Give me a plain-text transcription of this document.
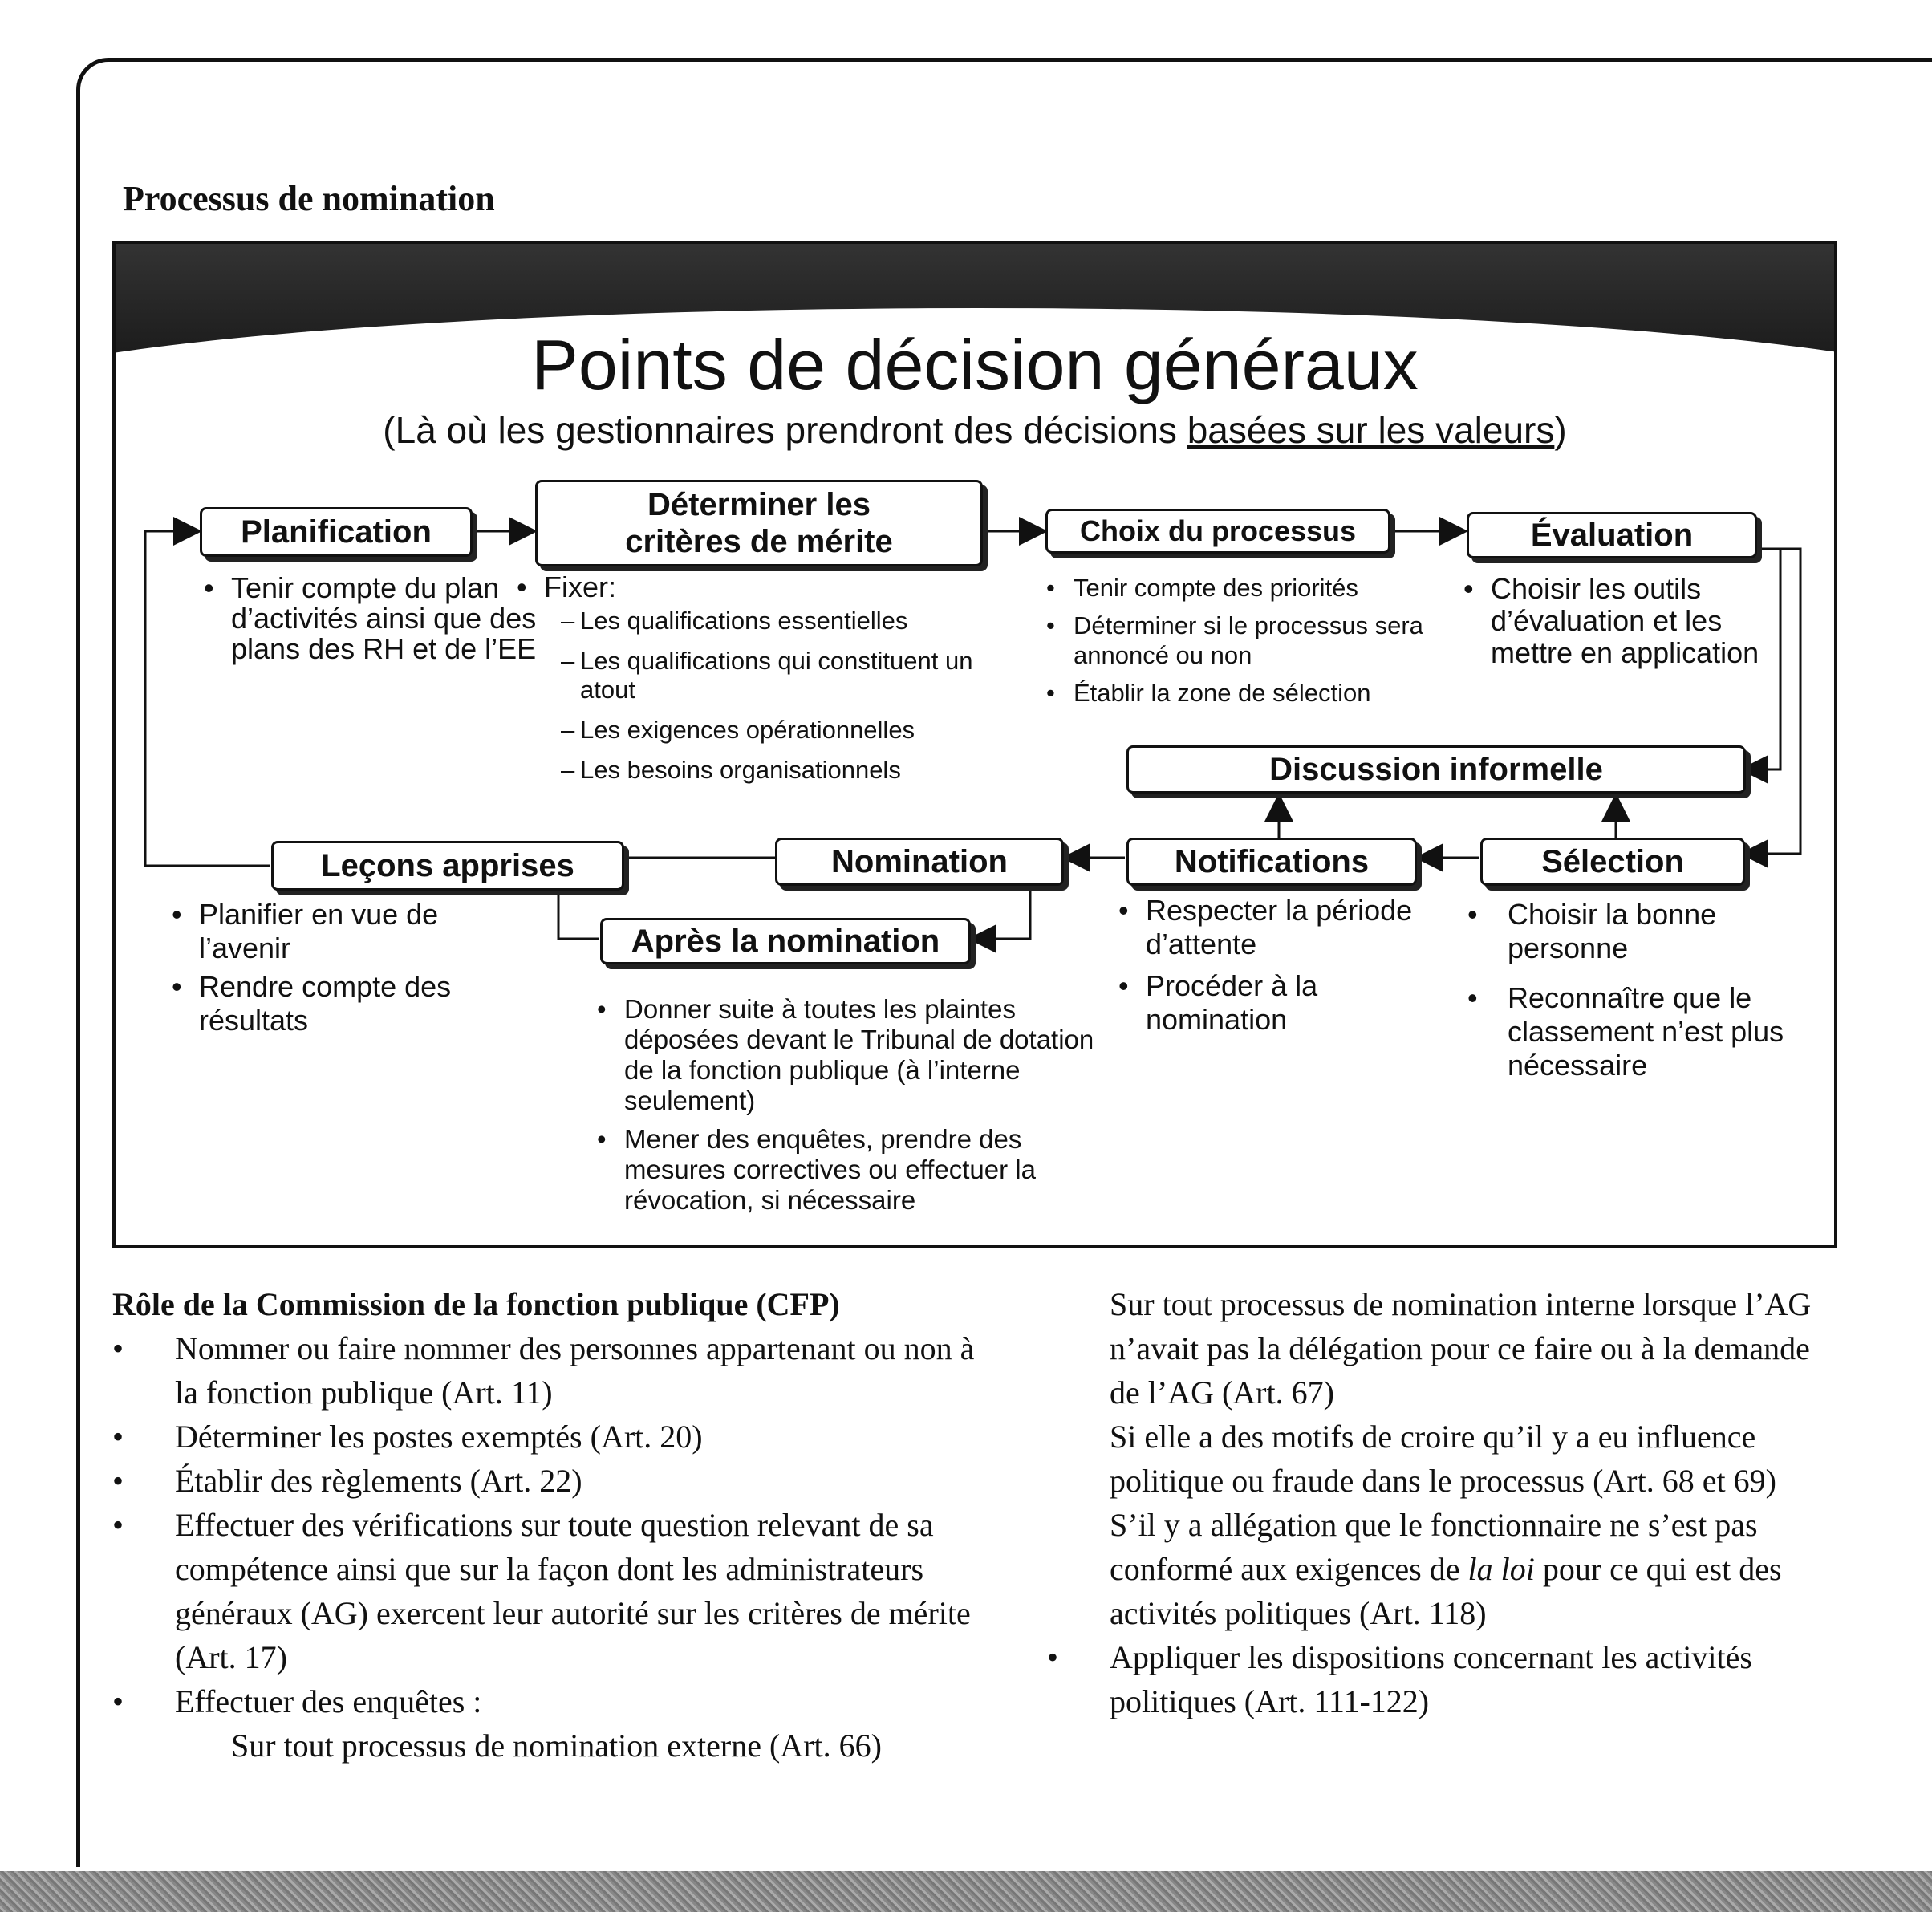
Processus de nomination
Points de décision généraux

(Là où les gestionnaires prendront des décisions basées sur les valeurs)

Planification
Déterminer les critères de mérite	Choix du processus	Évaluation
Discussion informelle
Leçons apprises	Nomination	Notifications	Sélection
Après la nomination
• Tenir compte du plan d’activités ainsi que des plans des RH et de l’EE
• Fixer:
– Les qualifications essentielles
– Les qualifications qui constituent un atout
– Les exigences opérationnelles
– Les besoins organisationnels
• Tenir compte des priorités
• Déterminer si le processus sera annoncé ou non
• Établir la zone de sélection
• Choisir les outils d’évaluation et les mettre en application
• Planifier en vue de l’avenir
• Rendre compte des résultats
•	Donner suite à toutes les plaintes déposées devant le Tribunal de dotation de la fonction publique (à l’interne seulement)
• Mener des enquêtes, prendre des mesures correctives ou effectuer la révocation, si nécessaire
• Respecter la période d’attente
• Procéder à la nomination
• Choisir la bonne personne
• Reconnaître que le classement n’est plus nécessaire
Rôle de la Commission de la fonction publique (CFP)
• Nommer ou faire nommer des personnes appartenant ou non à la fonction publique (Art. 11)
• Déterminer les postes exemptés (Art. 20)
• Établir des règlements (Art. 22)
• Effectuer des vérifications sur toute question relevant de sa compétence ainsi que sur la façon dont les administrateurs généraux (AG) exercent leur autorité sur les critères de mérite (Art. 17)
• Effectuer des enquêtes :
Sur tout processus de nomination externe (Art. 66)
Sur tout processus de nomination interne lorsque l’AG n’avait pas la délégation pour ce faire ou à la demande de l’AG (Art. 67)
Si elle a des motifs de croire qu’il y a eu influence politique ou fraude dans le processus (Art. 68 et 69)
S’il y a allégation que le fonctionnaire ne s’est pas conformé aux exigences de la loi pour ce qui est des activités politiques (Art. 118)
• Appliquer les dispositions concernant les activités politiques (Art. 111-122)
